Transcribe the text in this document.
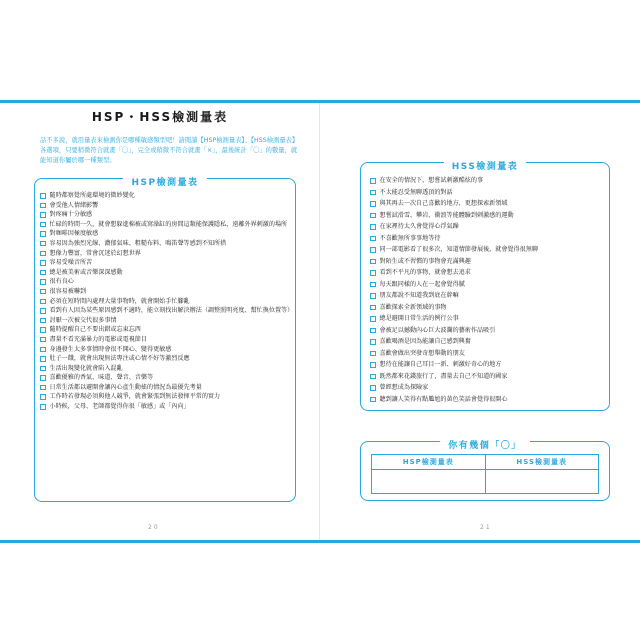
HSP・HSS檢測量表
話不多說，就用量表來檢測你是哪種敏感類型吧！請閱讀【HSP檢測量表】、【HSS檢測量表】各選項，只要稍微符合就畫「〇」，完全或稍微不符合就畫「×」，最後統計「〇」的數量，就能知道你屬於哪一種類型。
HSP檢測量表
隨時都察覺所處環境的微妙變化
會受他人情緒影響
對疼痛十分敏感
忙碌的時間一久，就會想躲進棉被或窝澡缸的房間這類能保護隱私、遠離外界刺激的場所
對咖啡因極度敏感
容易因為強烈光線、濃郁氣味、粗糙布料、鳴笛聲等感到不知所措
想像力豐富，常會沉迷於幻想世界
容易受噪音所苦
總是被美術或音樂深深感動
很有良心
很容易被嚇到
必須在短時間內處理大量事物時，就會開始手忙腳亂
看到有人因為某些原因感到不適時，能立刻找出解決辦法（調整照明亮度、幫忙換位置等）
討厭一次被交代很多事情
隨時提醒自己不要出錯或忘東忘西
盡量不看充滿暴力的電影或電視節目
身邊發生太多事情時會很不開心、變得更敏感
肚子一餓，就會出現無法專注或心情不好等激烈反應
生活出現變化就會陷入混亂
喜歡優雅的香氣、味道、聲音、音樂等
日常生活都以避開會讓內心產生動搖的情況為最優先考量
工作時若發現必須與他人競爭，就會緊張到無法發揮平常的實力
小時候，父母、老師都覺得你很「敏感」或「內向」
20
HSS檢測量表
在安全的情況下，想嘗試刺激酷炫的事
不太能忍受無聊透頂的對話
與其再去一次自己喜歡的地方，更想探索新領域
想嘗試滑雪、攀岩、衝浪等能體驗到刺激感的運動
在家裡待太久會覺得心浮氣躁
不喜歡無所事事地等待
同一部電影看了很多次，知道情節發展後，就會覺得很無聊
對陌生或不習慣的事物會充滿興趣
看到不平凡的事物，就會想去追求
每天跟同樣的人在一起會覺得膩
朋友都說不知道我到底在幹嘛
喜歡探索全新領域的事物
總是避開日常生活的例行公事
會被足以撼動內心巨大波瀾的藝術作品吸引
喜歡喝酒是因為能讓自己感到興奮
喜歡會做出突發奇想舉動的朋友
想待在能讓自己耳目一新、刺激好奇心的地方
既然都來花錢旅行了，盡量去自己不知道的國家
曾經想成為探險家
聽到讓人笑得有點尷尬的黃色笑話會覺得很開心
你有幾個「〇」
HSP檢測量表	HSS檢測量表
21
